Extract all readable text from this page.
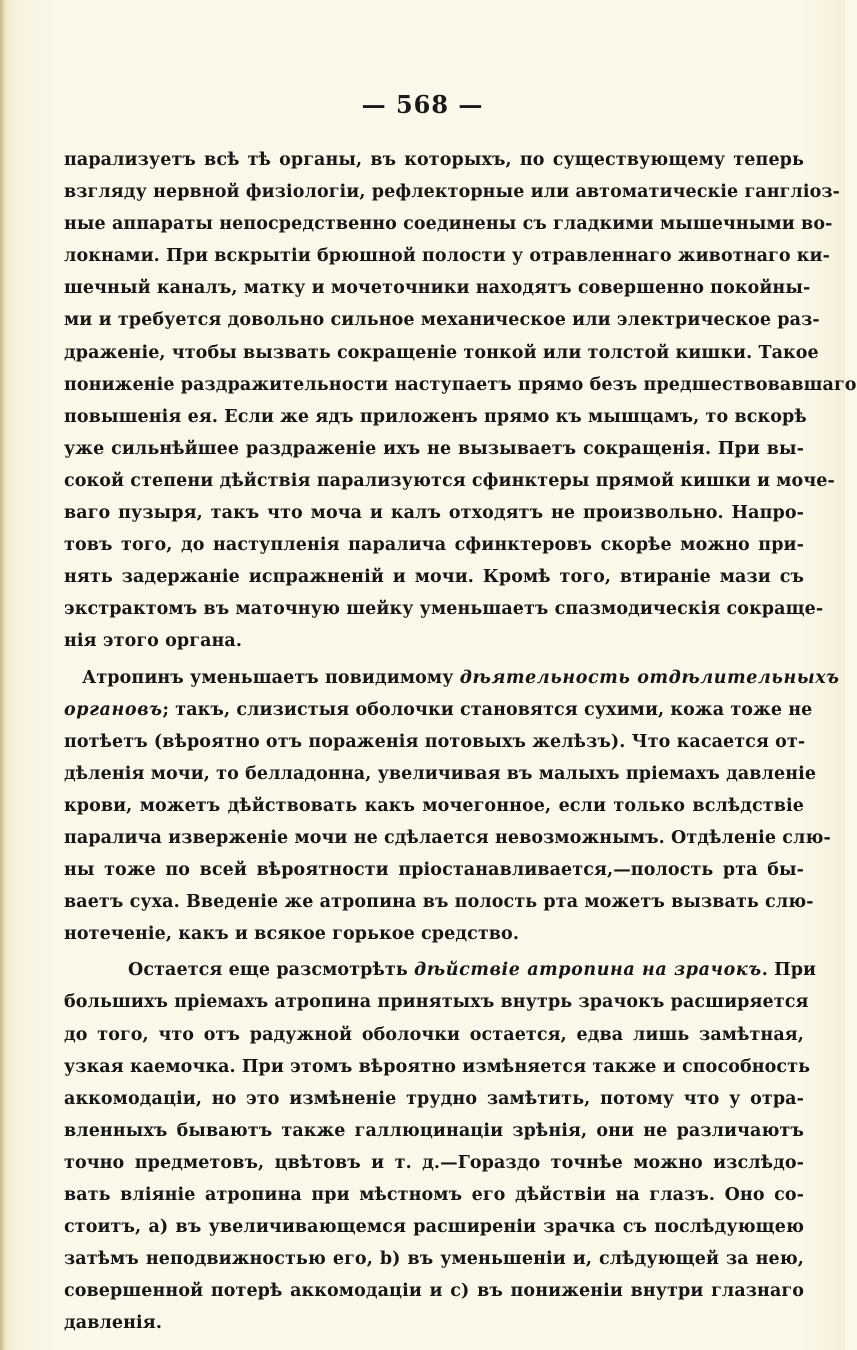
— 568 —
парализуетъ всѣ тѣ органы, въ которыхъ, по существующему теперь
взгляду нервной физiологiи, рефлекторные или автоматическiе гангліоз-
ные аппараты непосредственно соединены съ гладкими мышечными во-
локнами. При вскрытiи брюшной полости у отравленнаго животнаго ки-
шечный каналъ, матку и мочеточники находятъ совершенно покойны-
ми и требуется довольно сильное механическое или электрическое раз-
драженiе, чтобы вызвать сокращенiе тонкой или толстой кишки. Такое
пониженiе раздражительности наступаетъ прямо безъ предшествовавшаго
повышенiя ея. Если же ядъ приложенъ прямо къ мышцамъ, то вскорѣ
уже сильнѣйшее раздраженiе ихъ не вызываетъ сокращенiя. При вы-
сокой степени дѣйствiя парализуются сфинктеры прямой кишки и моче-
ваго пузыря, такъ что моча и калъ отходятъ не произвольно. Напро-
товъ того, до наступленiя паралича сфинктеровъ скорѣе можно при-
нять задержанiе испражненiй и мочи. Кромѣ того, втиранiе мази съ
экстрактомъ въ маточную шейку уменьшаетъ спазмодическiя сокраще-
нiя этого органа.
Атропинъ уменьшаетъ повидимому дѣятельность отдѣлительныхъ
органовъ; такъ, слизистыя оболочки становятся сухими, кожа тоже не
потѣетъ (вѣроятно отъ пораженiя потовыхъ желѣзъ). Что касается от-
дѣленiя мочи, то белладонна, увеличивая въ малыхъ прiемахъ давленiе
крови, можетъ дѣйствовать какъ мочегонное, если только вслѣдствiе
паралича изверженiе мочи не сдѣлается невозможнымъ. Отдѣленiе слю-
ны тоже по всей вѣроятности прiостанавливается,—полость рта бы-
ваетъ суха. Введенiе же атропина въ полость рта можетъ вызвать слю-
нотеченiе, какъ и всякое горькое средство.
Остается еще разсмотрѣть дѣйствiе атропина на зрачокъ. При
большихъ прiемахъ атропина принятыхъ внутрь зрачокъ расширяется
до того, что отъ радужной оболочки остается, едва лишь замѣтная,
узкая каемочка. При этомъ вѣроятно измѣняется также и способность
аккомодацiи, но это измѣненiе трудно замѣтить, потому что у отра-
вленныхъ бываютъ также галлюцинацiи зрѣнiя, они не различаютъ
точно предметовъ, цвѣтовъ и т. д.—Гораздо точнѣе можно изслѣдо-
вать влiянiе атропина при мѣстномъ его дѣйствiи на глазъ. Оно со-
стоитъ, а) въ увеличивающемся расширенiи зрачка съ послѣдующею
затѣмъ неподвижностью его, b) въ уменьшенiи и, слѣдующей за нею,
совершенной потерѣ аккомодацiи и с) въ пониженiи внутри глазнаго
давленiя.
